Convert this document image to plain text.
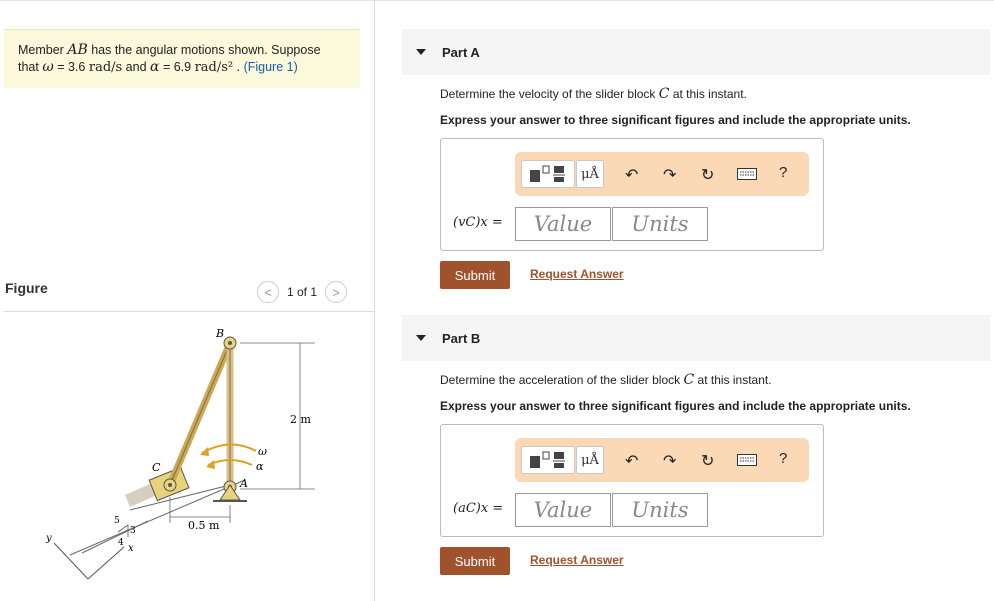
Member AB has the angular motions shown. Suppose
that ω = 3.6 rad/s and α = 6.9 rad/s² . (Figure 1)
Figure	< 1 of 1 >
B
C
A
ω
α
2 m
0.5 m
5
3
4 x
y
Part A
Determine the velocity of the slider block C at this instant.
Express your answer to three significant figures and include the appropriate units.
μÅ	↶ ↷ ↻	?
(vC)x =	Value	Units
Submit	Request Answer
Part B
Determine the acceleration of the slider block C at this instant.
Express your answer to three significant figures and include the appropriate units.
μÅ	↶ ↷ ↻	?
(aC)x =	Value	Units
Submit	Request Answer
